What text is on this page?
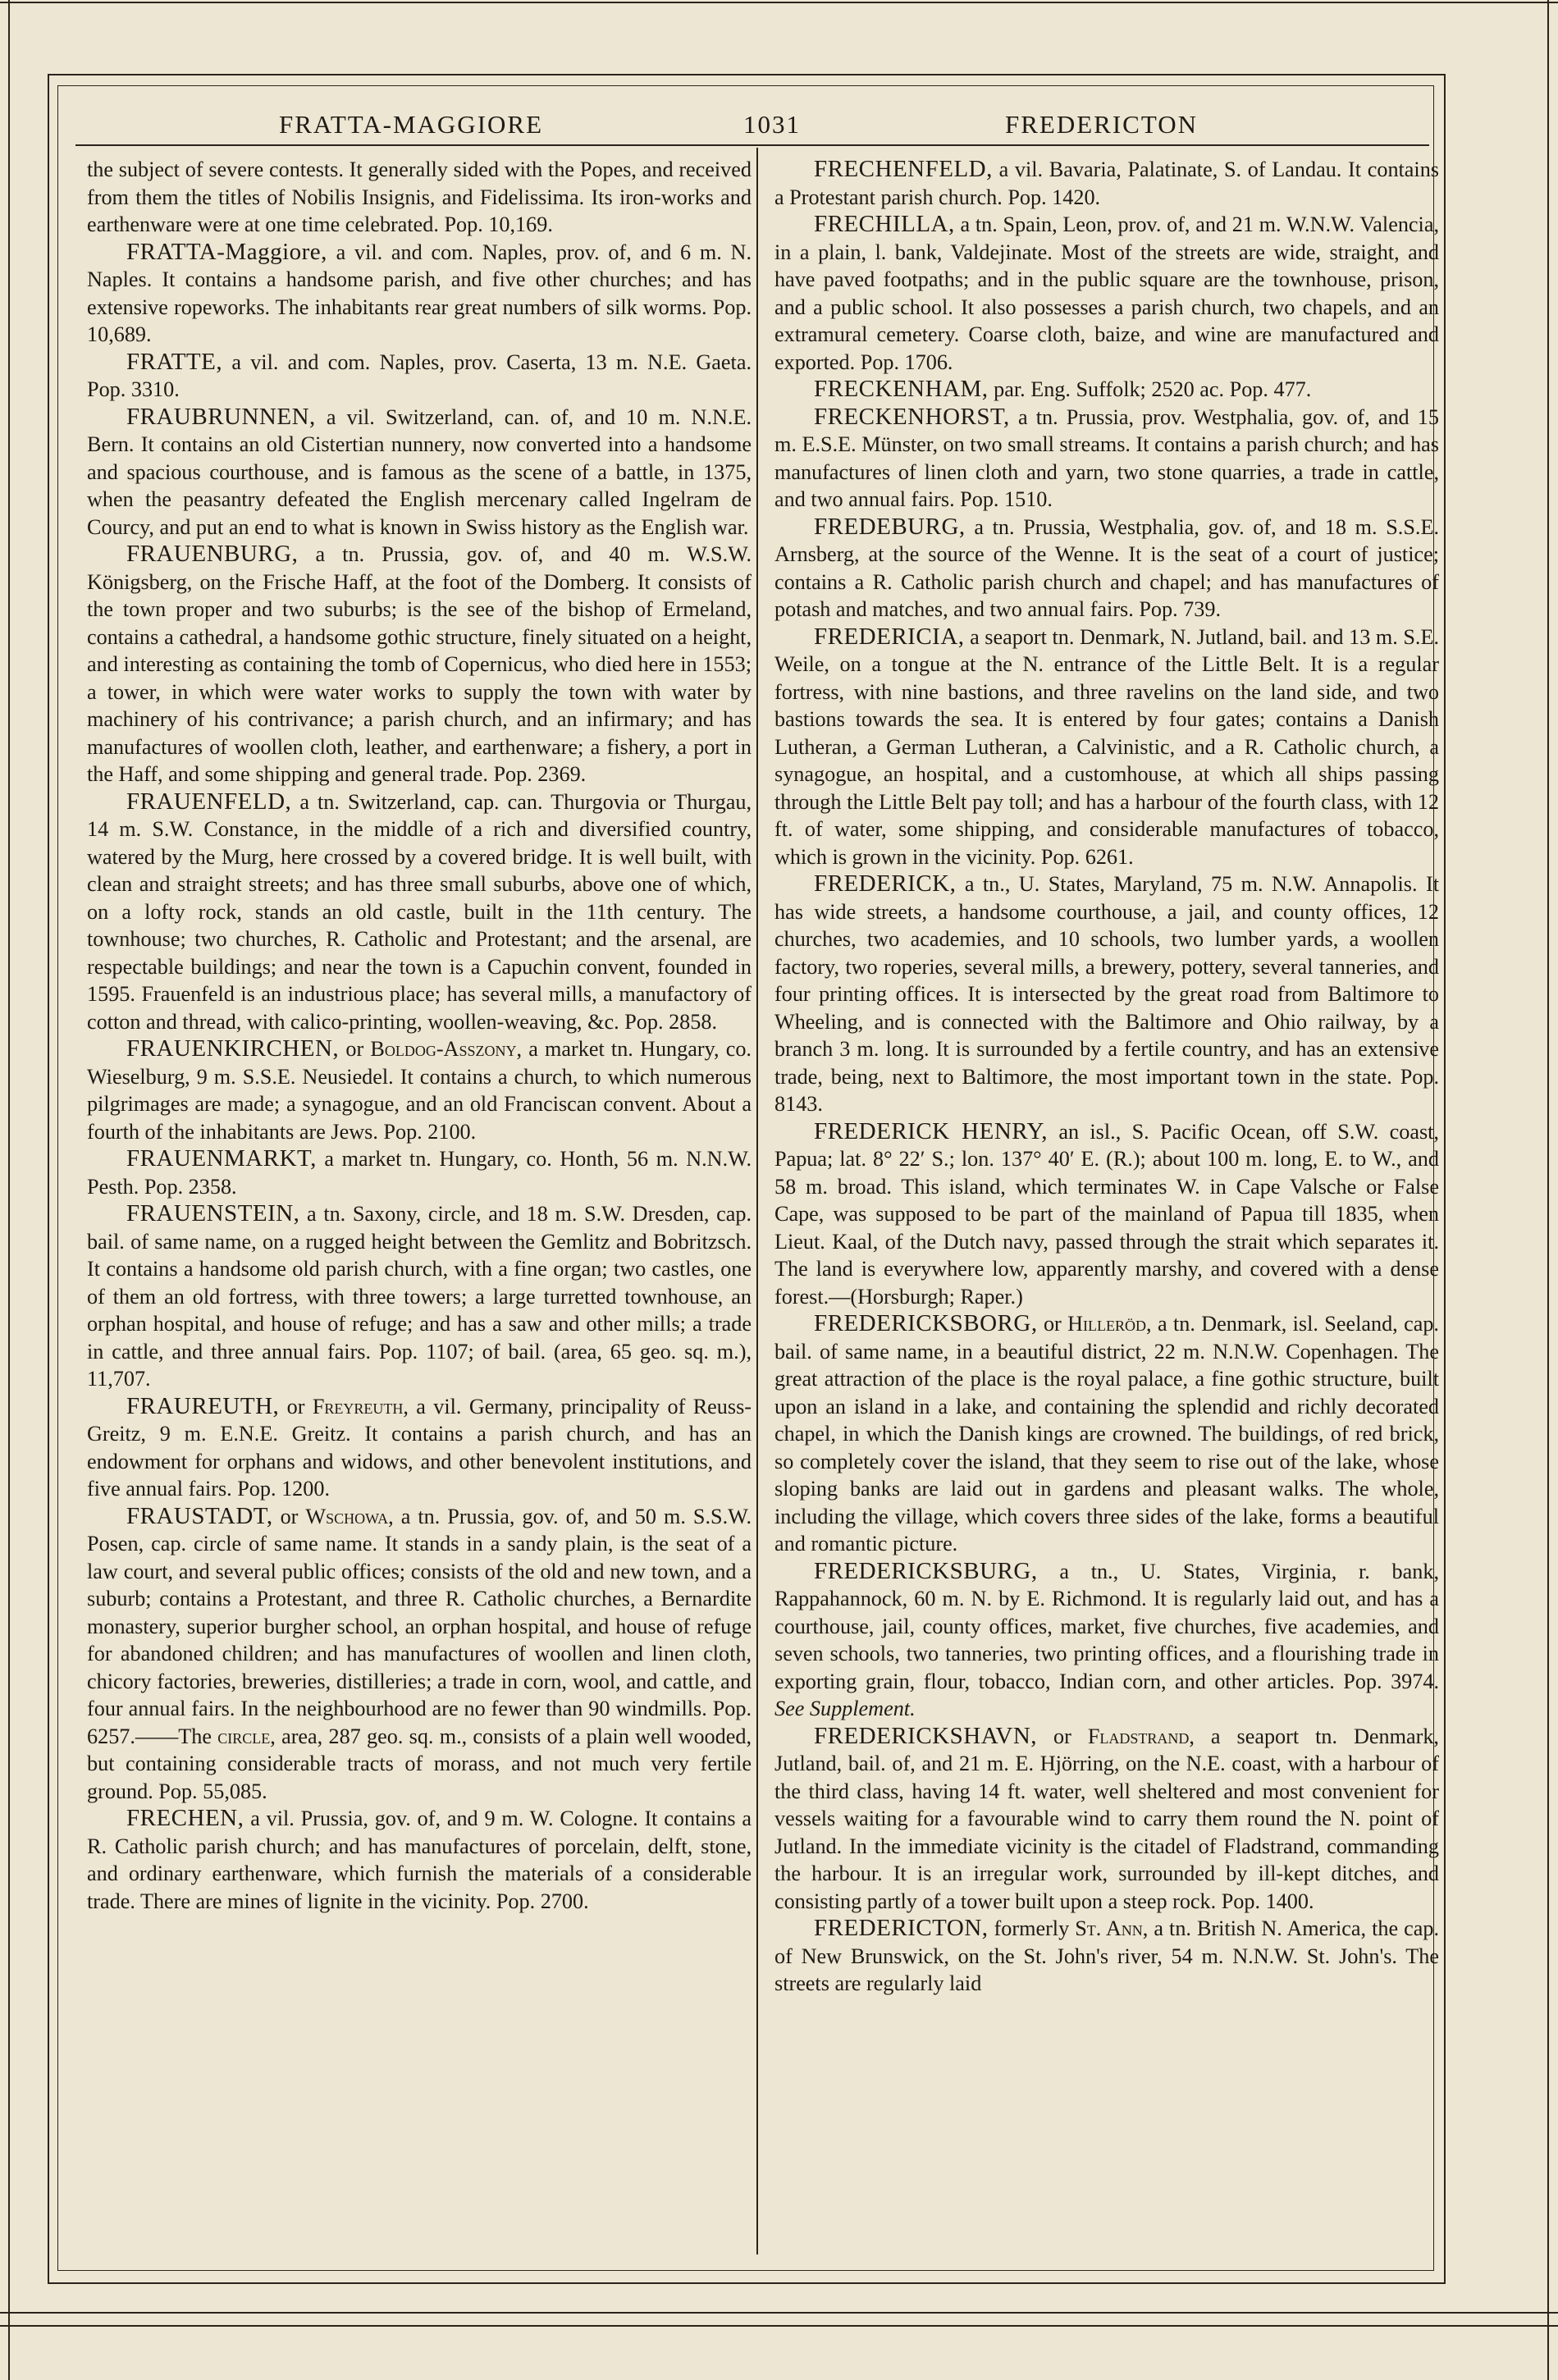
FRATTA-MAGGIORE	1031	FREDERICTON

the subject of severe contests. It generally sided with the Popes, and received from them the titles of Nobilis Insignis, and Fidelissima. Its iron-works and earthenware were at one time celebrated. Pop. 10,169.

FRATTA-Maggiore, a vil. and com. Naples, prov. of, and 6 m. N. Naples. It contains a handsome parish, and five other churches; and has extensive ropeworks. The inhabitants rear great numbers of silk worms. Pop. 10,689.

FRATTE, a vil. and com. Naples, prov. Caserta, 13 m. N.E. Gaeta. Pop. 3310.

FRAUBRUNNEN, a vil. Switzerland, can. of, and 10 m. N.N.E. Bern. It contains an old Cistertian nunnery, now converted into a handsome and spacious courthouse, and is famous as the scene of a battle, in 1375, when the peasantry defeated the English mercenary called Ingelram de Courcy, and put an end to what is known in Swiss history as the English war.

FRAUENBURG, a tn. Prussia, gov. of, and 40 m. W.S.W. Königsberg, on the Frische Haff, at the foot of the Domberg. It consists of the town proper and two suburbs; is the see of the bishop of Ermeland, contains a cathedral, a handsome gothic structure, finely situated on a height, and interesting as containing the tomb of Copernicus, who died here in 1553; a tower, in which were water works to supply the town with water by machinery of his contrivance; a parish church, and an infirmary; and has manufactures of woollen cloth, leather, and earthenware; a fishery, a port in the Haff, and some shipping and general trade. Pop. 2369.

FRAUENFELD, a tn. Switzerland, cap. can. Thurgovia or Thurgau, 14 m. S.W. Constance, in the middle of a rich and diversified country, watered by the Murg, here crossed by a covered bridge. It is well built, with clean and straight streets; and has three small suburbs, above one of which, on a lofty rock, stands an old castle, built in the 11th century. The townhouse; two churches, R. Catholic and Protestant; and the arsenal, are respectable buildings; and near the town is a Capuchin convent, founded in 1595. Frauenfeld is an industrious place; has several mills, a manufactory of cotton and thread, with calico-printing, woollen-weaving, &c. Pop. 2858.

FRAUENKIRCHEN, or Boldog-Asszony, a market tn. Hungary, co. Wieselburg, 9 m. S.S.E. Neusiedel. It contains a church, to which numerous pilgrimages are made; a synagogue, and an old Franciscan convent. About a fourth of the inhabitants are Jews. Pop. 2100.

FRAUENMARKT, a market tn. Hungary, co. Honth, 56 m. N.N.W. Pesth. Pop. 2358.

FRAUENSTEIN, a tn. Saxony, circle, and 18 m. S.W. Dresden, cap. bail. of same name, on a rugged height between the Gemlitz and Bobritzsch. It contains a handsome old parish church, with a fine organ; two castles, one of them an old fortress, with three towers; a large turretted townhouse, an orphan hospital, and house of refuge; and has a saw and other mills; a trade in cattle, and three annual fairs. Pop. 1107; of bail. (area, 65 geo. sq. m.), 11,707.

FRAUREUTH, or Freyreuth, a vil. Germany, principality of Reuss-Greitz, 9 m. E.N.E. Greitz. It contains a parish church, and has an endowment for orphans and widows, and other benevolent institutions, and five annual fairs. Pop. 1200.

FRAUSTADT, or Wschowa, a tn. Prussia, gov. of, and 50 m. S.S.W. Posen, cap. circle of same name. It stands in a sandy plain, is the seat of a law court, and several public offices; consists of the old and new town, and a suburb; contains a Protestant, and three R. Catholic churches, a Bernardite monastery, superior burgher school, an orphan hospital, and house of refuge for abandoned children; and has manufactures of woollen and linen cloth, chicory factories, breweries, distilleries; a trade in corn, wool, and cattle, and four annual fairs. In the neighbourhood are no fewer than 90 windmills. Pop. 6257.——The circle, area, 287 geo. sq. m., consists of a plain well wooded, but containing considerable tracts of morass, and not much very fertile ground. Pop. 55,085.

FRECHEN, a vil. Prussia, gov. of, and 9 m. W. Cologne. It contains a R. Catholic parish church; and has manufactures of porcelain, delft, stone, and ordinary earthenware, which furnish the materials of a considerable trade. There are mines of lignite in the vicinity. Pop. 2700.

FRECHENFELD, a vil. Bavaria, Palatinate, S. of Landau. It contains a Protestant parish church. Pop. 1420.

FRECHILLA, a tn. Spain, Leon, prov. of, and 21 m. W.N.W. Valencia, in a plain, l. bank, Valdejinate. Most of the streets are wide, straight, and have paved footpaths; and in the public square are the townhouse, prison, and a public school. It also possesses a parish church, two chapels, and an extramural cemetery. Coarse cloth, baize, and wine are manufactured and exported. Pop. 1706.

FRECKENHAM, par. Eng. Suffolk; 2520 ac. Pop. 477.

FRECKENHORST, a tn. Prussia, prov. Westphalia, gov. of, and 15 m. E.S.E. Münster, on two small streams. It contains a parish church; and has manufactures of linen cloth and yarn, two stone quarries, a trade in cattle, and two annual fairs. Pop. 1510.

FREDEBURG, a tn. Prussia, Westphalia, gov. of, and 18 m. S.S.E. Arnsberg, at the source of the Wenne. It is the seat of a court of justice; contains a R. Catholic parish church and chapel; and has manufactures of potash and matches, and two annual fairs. Pop. 739.

FREDERICIA, a seaport tn. Denmark, N. Jutland, bail. and 13 m. S.E. Weile, on a tongue at the N. entrance of the Little Belt. It is a regular fortress, with nine bastions, and three ravelins on the land side, and two bastions towards the sea. It is entered by four gates; contains a Danish Lutheran, a German Lutheran, a Calvinistic, and a R. Catholic church, a synagogue, an hospital, and a customhouse, at which all ships passing through the Little Belt pay toll; and has a harbour of the fourth class, with 12 ft. of water, some shipping, and considerable manufactures of tobacco, which is grown in the vicinity. Pop. 6261.

FREDERICK, a tn., U. States, Maryland, 75 m. N.W. Annapolis. It has wide streets, a handsome courthouse, a jail, and county offices, 12 churches, two academies, and 10 schools, two lumber yards, a woollen factory, two roperies, several mills, a brewery, pottery, several tanneries, and four printing offices. It is intersected by the great road from Baltimore to Wheeling, and is connected with the Baltimore and Ohio railway, by a branch 3 m. long. It is surrounded by a fertile country, and has an extensive trade, being, next to Baltimore, the most important town in the state. Pop. 8143.

FREDERICK HENRY, an isl., S. Pacific Ocean, off S.W. coast, Papua; lat. 8° 22′ S.; lon. 137° 40′ E. (R.); about 100 m. long, E. to W., and 58 m. broad. This island, which terminates W. in Cape Valsche or False Cape, was supposed to be part of the mainland of Papua till 1835, when Lieut. Kaal, of the Dutch navy, passed through the strait which separates it. The land is everywhere low, apparently marshy, and covered with a dense forest.—(Horsburgh; Raper.)

FREDERICKSBORG, or Hilleröd, a tn. Denmark, isl. Seeland, cap. bail. of same name, in a beautiful district, 22 m. N.N.W. Copenhagen. The great attraction of the place is the royal palace, a fine gothic structure, built upon an island in a lake, and containing the splendid and richly decorated chapel, in which the Danish kings are crowned. The buildings, of red brick, so completely cover the island, that they seem to rise out of the lake, whose sloping banks are laid out in gardens and pleasant walks. The whole, including the village, which covers three sides of the lake, forms a beautiful and romantic picture.

FREDERICKSBURG, a tn., U. States, Virginia, r. bank, Rappahannock, 60 m. N. by E. Richmond. It is regularly laid out, and has a courthouse, jail, county offices, market, five churches, five academies, and seven schools, two tanneries, two printing offices, and a flourishing trade in exporting grain, flour, tobacco, Indian corn, and other articles. Pop. 3974. See Supplement.

FREDERICKSHAVN, or Fladstrand, a seaport tn. Denmark, Jutland, bail. of, and 21 m. E. Hjörring, on the N.E. coast, with a harbour of the third class, having 14 ft. water, well sheltered and most convenient for vessels waiting for a favourable wind to carry them round the N. point of Jutland. In the immediate vicinity is the citadel of Fladstrand, commanding the harbour. It is an irregular work, surrounded by ill-kept ditches, and consisting partly of a tower built upon a steep rock. Pop. 1400.

FREDERICTON, formerly St. Ann, a tn. British N. America, the cap. of New Brunswick, on the St. John's river, 54 m. N.N.W. St. John's. The streets are regularly laid
